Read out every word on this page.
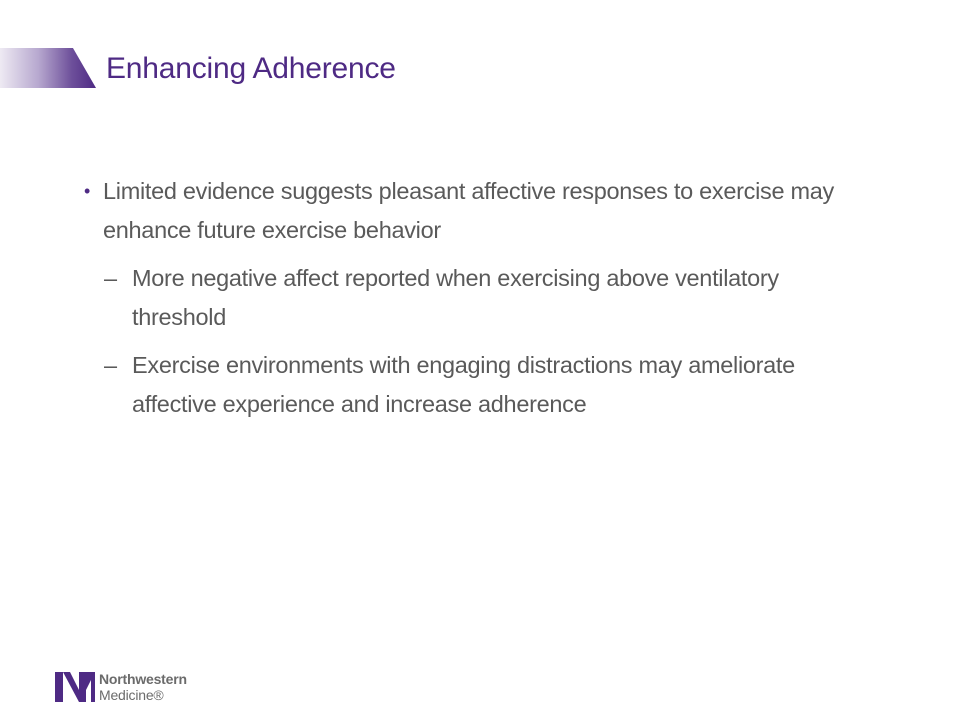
Enhancing Adherence
• Limited evidence suggests pleasant affective responses to exercise may enhance future exercise behavior
– More negative affect reported when exercising above ventilatory threshold
– Exercise environments with engaging distractions may ameliorate affective experience and increase adherence
Northwestern
Medicine®
